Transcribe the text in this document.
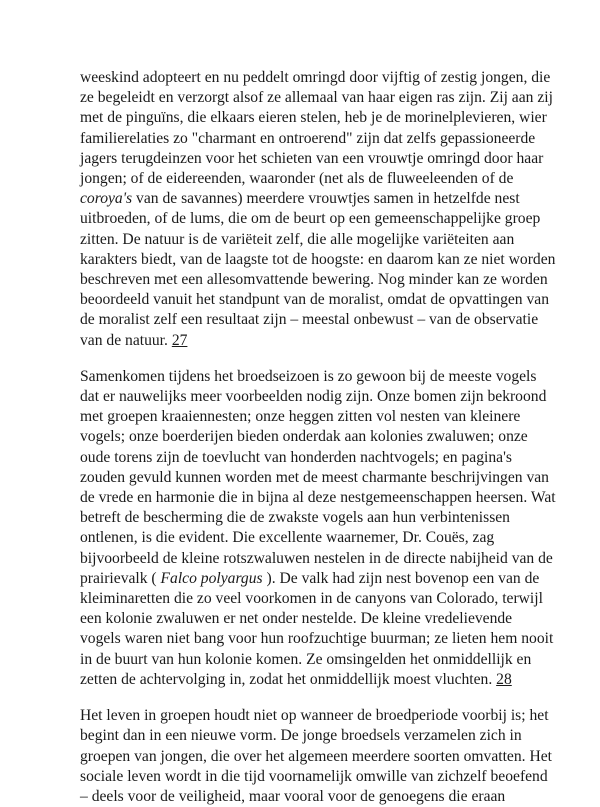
weeskind adopteert en nu peddelt omringd door vijftig of zestig jongen, die
ze begeleidt en verzorgt alsof ze allemaal van haar eigen ras zijn. Zij aan zij
met de pinguïns, die elkaars eieren stelen, heb je de morinelplevieren, wier
familierelaties zo "charmant en ontroerend" zijn dat zelfs gepassioneerde
jagers terugdeinzen voor het schieten van een vrouwtje omringd door haar
jongen; of de eidereenden, waaronder (net als de fluweeleenden of de
coroya's van de savannes) meerdere vrouwtjes samen in hetzelfde nest
uitbroeden, of de lums, die om de beurt op een gemeenschappelijke groep
zitten. De natuur is de variëteit zelf, die alle mogelijke variëteiten aan
karakters biedt, van de laagste tot de hoogste: en daarom kan ze niet worden
beschreven met een allesomvattende bewering. Nog minder kan ze worden
beoordeeld vanuit het standpunt van de moralist, omdat de opvattingen van
de moralist zelf een resultaat zijn – meestal onbewust – van de observatie
van de natuur. 27

Samenkomen tijdens het broedseizoen is zo gewoon bij de meeste vogels
dat er nauwelijks meer voorbeelden nodig zijn. Onze bomen zijn bekroond
met groepen kraaiennesten; onze heggen zitten vol nesten van kleinere
vogels; onze boerderijen bieden onderdak aan kolonies zwaluwen; onze
oude torens zijn de toevlucht van honderden nachtvogels; en pagina's
zouden gevuld kunnen worden met de meest charmante beschrijvingen van
de vrede en harmonie die in bijna al deze nestgemeenschappen heersen. Wat
betreft de bescherming die de zwakste vogels aan hun verbintenissen
ontlenen, is die evident. Die excellente waarnemer, Dr. Couës, zag
bijvoorbeeld de kleine rotszwaluwen nestelen in de directe nabijheid van de
prairievalk ( Falco polyargus ). De valk had zijn nest bovenop een van de
kleiminaretten die zo veel voorkomen in de canyons van Colorado, terwijl
een kolonie zwaluwen er net onder nestelde. De kleine vredelievende
vogels waren niet bang voor hun roofzuchtige buurman; ze lieten hem nooit
in de buurt van hun kolonie komen. Ze omsingelden het onmiddellijk en
zetten de achtervolging in, zodat het onmiddellijk moest vluchten. 28

Het leven in groepen houdt niet op wanneer de broedperiode voorbij is; het
begint dan in een nieuwe vorm. De jonge broedsels verzamelen zich in
groepen van jongen, die over het algemeen meerdere soorten omvatten. Het
sociale leven wordt in die tijd voornamelijk omwille van zichzelf beoefend
– deels voor de veiligheid, maar vooral voor de genoegens die eraan
